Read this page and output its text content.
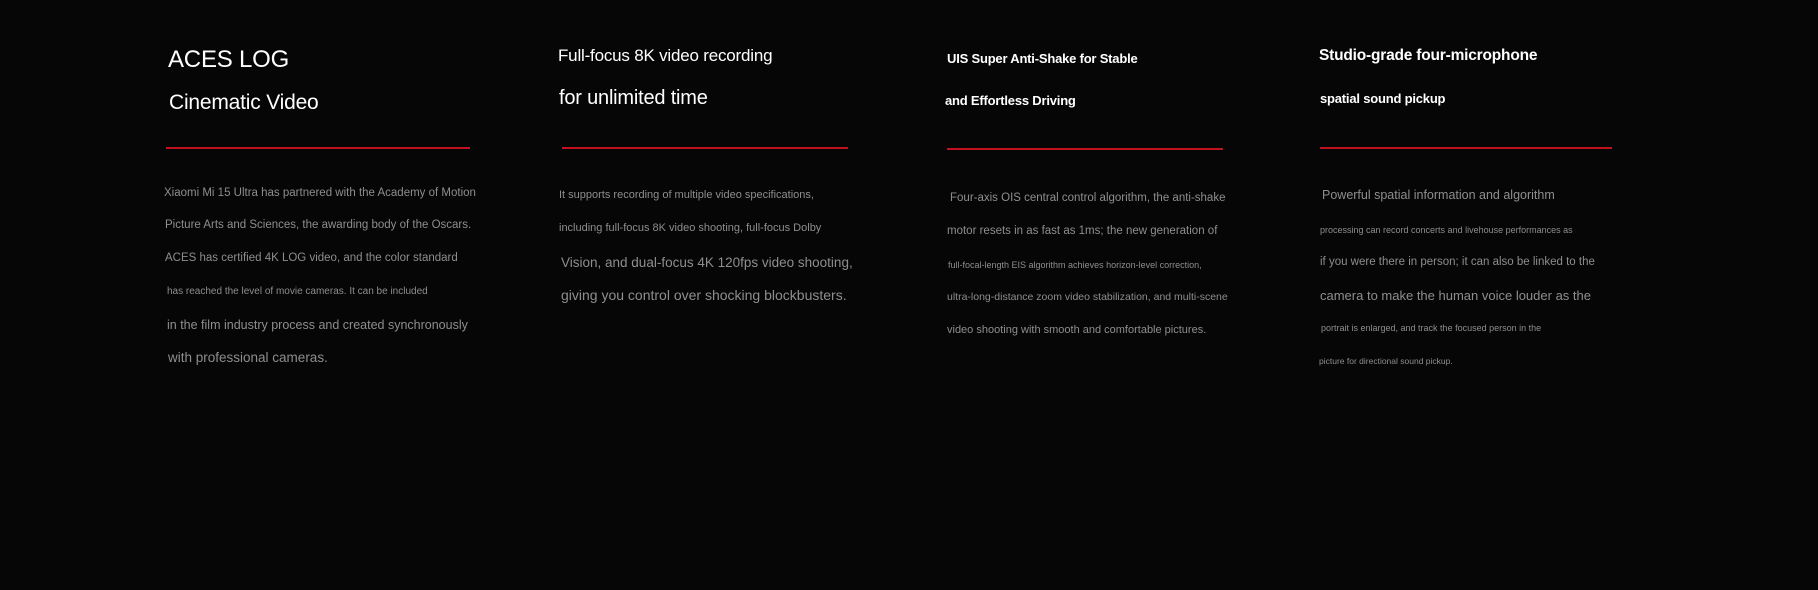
ACES LOG
Cinematic Video
Xiaomi Mi 15 Ultra has partnered with the Academy of Motion
Picture Arts and Sciences, the awarding body of the Oscars.
ACES has certified 4K LOG video, and the color standard
has reached the level of movie cameras. It can be included
in the film industry process and created synchronously
with professional cameras.
Full-focus 8K video recording
for unlimited time
It supports recording of multiple video specifications,
including full-focus 8K video shooting, full-focus Dolby
Vision, and dual-focus 4K 120fps video shooting,
giving you control over shocking blockbusters.
UIS Super Anti-Shake for Stable
and Effortless Driving
Four-axis OIS central control algorithm, the anti-shake
motor resets in as fast as 1ms; the new generation of
full-focal-length EIS algorithm achieves horizon-level correction,
ultra-long-distance zoom video stabilization, and multi-scene
video shooting with smooth and comfortable pictures.
Studio-grade four-microphone
spatial sound pickup
Powerful spatial information and algorithm
processing can record concerts and livehouse performances as
if you were there in person; it can also be linked to the
camera to make the human voice louder as the
portrait is enlarged, and track the focused person in the
picture for directional sound pickup.
